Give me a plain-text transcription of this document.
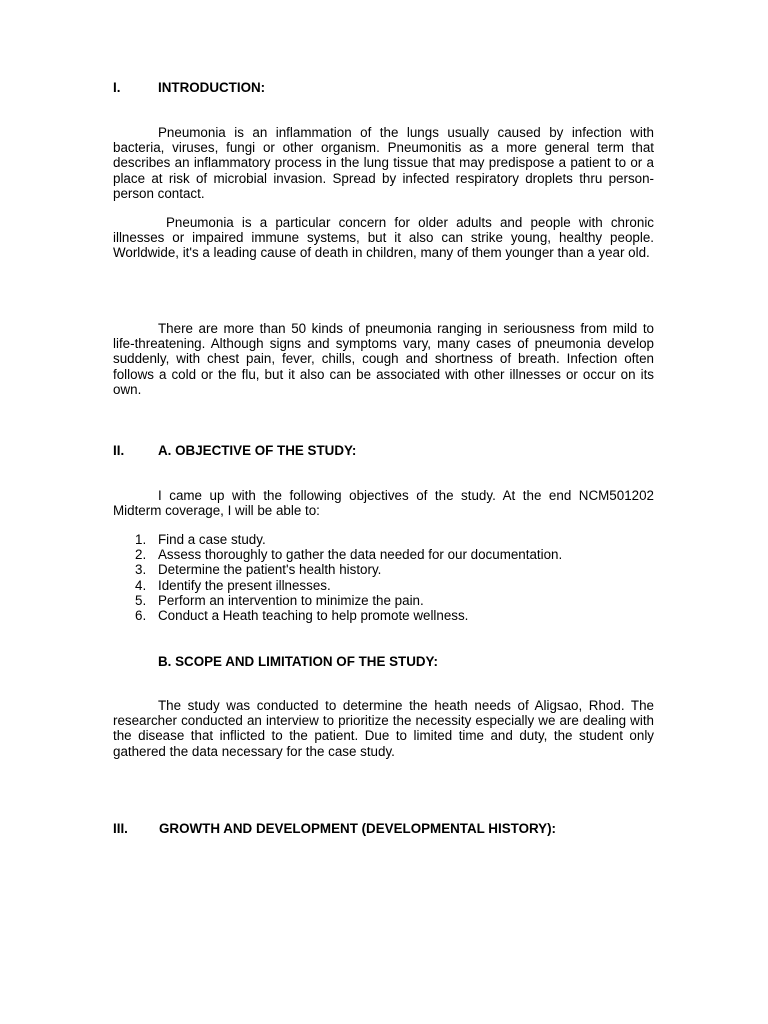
I.	INTRODUCTION:

Pneumonia is an inflammation of the lungs usually caused by infection with bacteria, viruses, fungi or other organism. Pneumonitis as a more general term that describes an inflammatory process in the lung tissue that may predispose a patient to or a place at risk of microbial invasion. Spread by infected respiratory droplets thru person-person contact.

Pneumonia is a particular concern for older adults and people with chronic illnesses or impaired immune systems, but it also can strike young, healthy people. Worldwide, it's a leading cause of death in children, many of them younger than a year old.

There are more than 50 kinds of pneumonia ranging in seriousness from mild to life-threatening. Although signs and symptoms vary, many cases of pneumonia develop suddenly, with chest pain, fever, chills, cough and shortness of breath. Infection often follows a cold or the flu, but it also can be associated with other illnesses or occur on its own.

II.	A. OBJECTIVE OF THE STUDY:

I came up with the following objectives of the study. At the end NCM501202 Midterm coverage, I will be able to:

1. Find a case study.
2. Assess thoroughly to gather the data needed for our documentation.
3. Determine the patient's health history.
4. Identify the present illnesses.
5. Perform an intervention to minimize the pain.
6. Conduct a Heath teaching to help promote wellness.
B. SCOPE AND LIMITATION OF THE STUDY:

The study was conducted to determine the heath needs of Aligsao, Rhod. The researcher conducted an interview to prioritize the necessity especially we are dealing with the disease that inflicted to the patient. Due to limited time and duty, the student only gathered the data necessary for the case study.

III. GROWTH AND DEVELOPMENT (DEVELOPMENTAL HISTORY):
